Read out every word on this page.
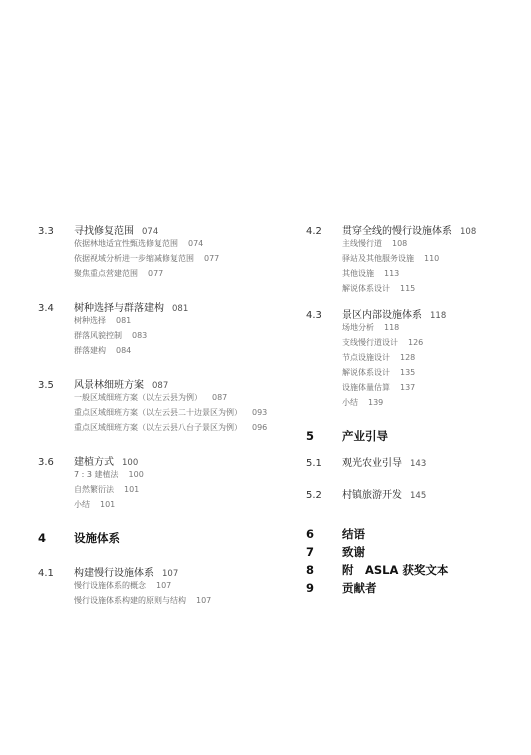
3.3	寻找修复范围 074
依据林地适宜性甄选修复范围 074
依据视域分析进一步缩减修复范围 077
聚焦重点营建范围 077
3.4	树种选择与群落建构 081
树种选择 081
群落风貌控制 083
群落建构 084
3.5	风景林细班方案 087
一般区域细班方案（以左云县为例） 087
重点区域细班方案（以左云县二十边景区为例） 093
重点区域细班方案（以左云县八台子景区为例） 096
3.6	建植方式 100
7 : 3 建植法 100
自然繁衍法 101
小结 101
4	设施体系
4.1	构建慢行设施体系 107
慢行设施体系的概念 107
慢行设施体系构建的原则与结构 107
4.2	贯穿全线的慢行设施体系 108
主线慢行道 108
驿站及其他服务设施 110
其他设施 113
解说体系设计 115
4.3	景区内部设施体系 118
场地分析 118
支线慢行道设计 126
节点设施设计 128
解说体系设计 135
设施体量估算 137
小结 139
5	产业引导
5.1	观光农业引导 143
5.2	村镇旅游开发 145
6	结语
7	致谢
8	附　ASLA 获奖文本
9	贡献者
